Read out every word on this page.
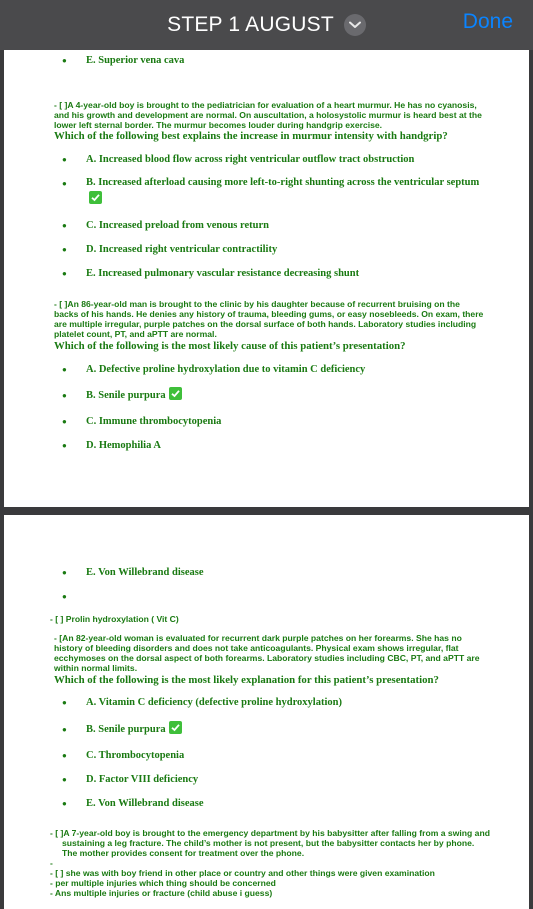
STEP 1 AUGUST	Done
●	E. Superior vena cava
- [ ]A 4-year-old boy is brought to the pediatrician for evaluation of a heart murmur. He has no cyanosis, and his growth and development are normal. On auscultation, a holosystolic murmur is heard best at the lower left sternal border. The murmur becomes louder during handgrip exercise.
Which of the following best explains the increase in murmur intensity with handgrip?
●	A. Increased blood flow across right ventricular outflow tract obstruction
●	B. Increased afterload causing more left-to-right shunting across the ventricular septum
●	C. Increased preload from venous return
●	D. Increased right ventricular contractility
●	E. Increased pulmonary vascular resistance decreasing shunt
- [ ]An 86-year-old man is brought to the clinic by his daughter because of recurrent bruising on the backs of his hands. He denies any history of trauma, bleeding gums, or easy nosebleeds. On exam, there are multiple irregular, purple patches on the dorsal surface of both hands. Laboratory studies including platelet count, PT, and aPTT are normal.
Which of the following is the most likely cause of this patient’s presentation?
●	A. Defective proline hydroxylation due to vitamin C deficiency
●	B. Senile purpura
●	C. Immune thrombocytopenia
●	D. Hemophilia A
●	E. Von Willebrand disease
●
- [ ] Prolin hydroxylation ( Vit C)
- [An 82-year-old woman is evaluated for recurrent dark purple patches on her forearms. She has no history of bleeding disorders and does not take anticoagulants. Physical exam shows irregular, flat ecchymoses on the dorsal aspect of both forearms. Laboratory studies including CBC, PT, and aPTT are within normal limits.
Which of the following is the most likely explanation for this patient’s presentation?
●	A. Vitamin C deficiency (defective proline hydroxylation)
●	B. Senile purpura
●	C. Thrombocytopenia
●	D. Factor VIII deficiency
●	E. Von Willebrand disease
- [ ]A 7-year-old boy is brought to the emergency department by his babysitter after falling from a swing and sustaining a leg fracture. The child’s mother is not present, but the babysitter contacts her by phone. The mother provides consent for treatment over the phone.
-
- [ ] she was with boy friend in other place or country and other things were given examination
- per multiple injuries which thing should be concerned
- Ans multiple injuries or fracture (child abuse i guess)
